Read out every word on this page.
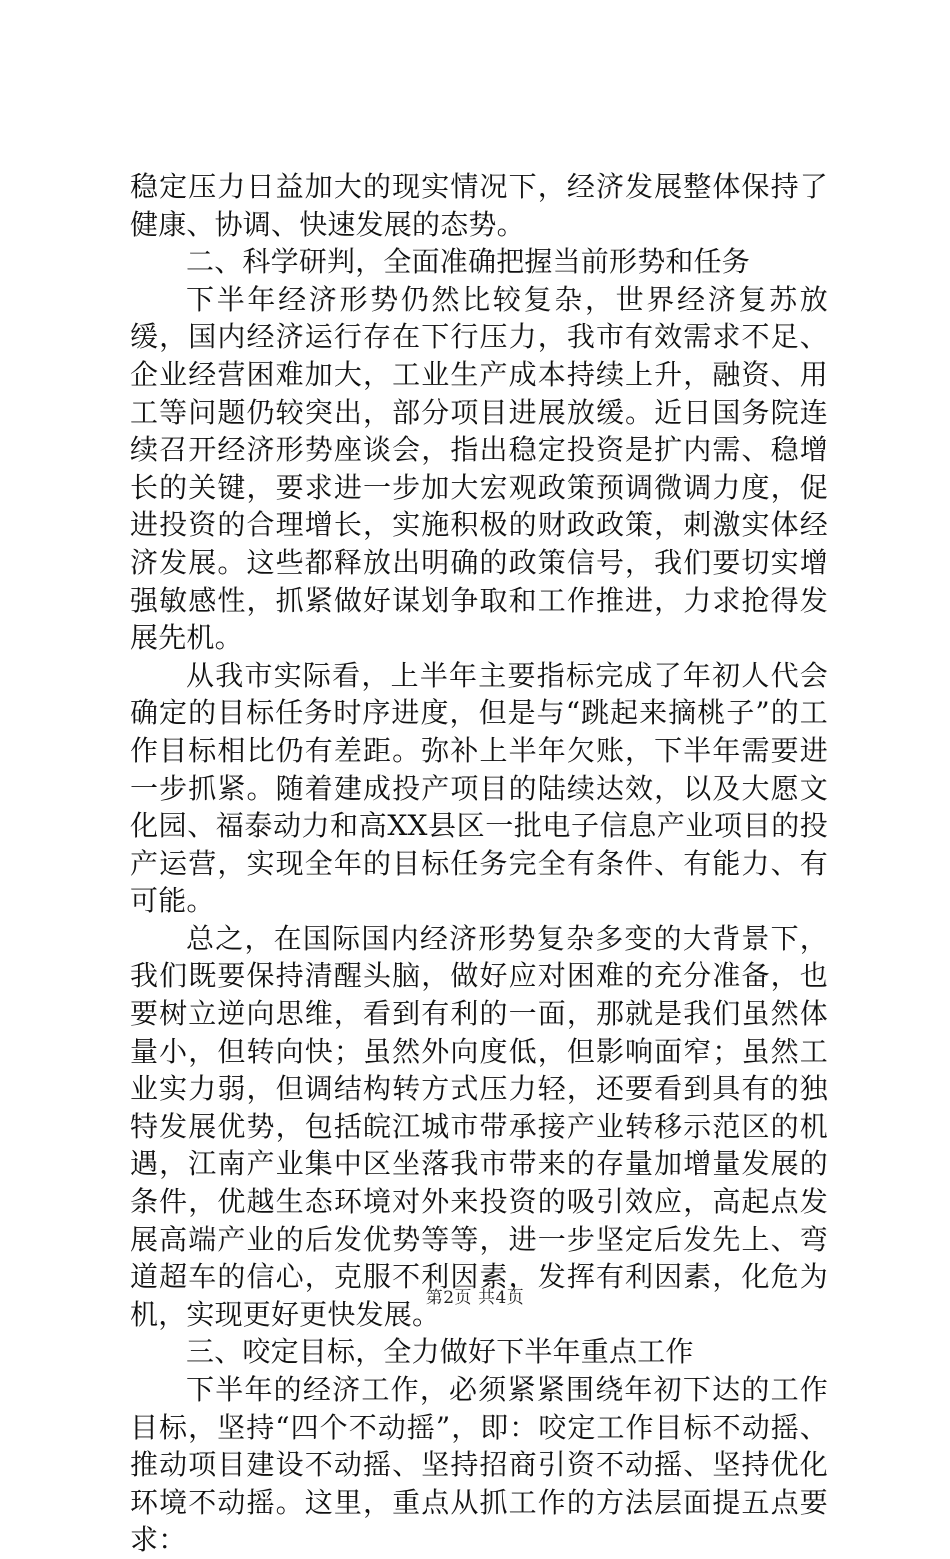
稳定压力日益加大的现实情况下，经济发展整体保持了健康、协调、快速发展的态势。

二、科学研判，全面准确把握当前形势和任务

下半年经济形势仍然比较复杂，世界经济复苏放缓，国内经济运行存在下行压力，我市有效需求不足、企业经营困难加大，工业生产成本持续上升，融资、用工等问题仍较突出，部分项目进展放缓。近日国务院连续召开经济形势座谈会，指出稳定投资是扩内需、稳增长的关键，要求进一步加大宏观政策预调微调力度，促进投资的合理增长，实施积极的财政政策，刺激实体经济发展。这些都释放出明确的政策信号，我们要切实增强敏感性，抓紧做好谋划争取和工作推进，力求抢得发展先机。

从我市实际看，上半年主要指标完成了年初人代会确定的目标任务时序进度，但是与“跳起来摘桃子”的工作目标相比仍有差距。弥补上半年欠账，下半年需要进一步抓紧。随着建成投产项目的陆续达效，以及大愿文化园、福泰动力和高XX县区一批电子信息产业项目的投产运营，实现全年的目标任务完全有条件、有能力、有可能。

总之，在国际国内经济形势复杂多变的大背景下，我们既要保持清醒头脑，做好应对困难的充分准备，也要树立逆向思维，看到有利的一面，那就是我们虽然体量小，但转向快；虽然外向度低，但影响面窄；虽然工业实力弱，但调结构转方式压力轻，还要看到具有的独特发展优势，包括皖江城市带承接产业转移示范区的机遇，江南产业集中区坐落我市带来的存量加增量发展的条件，优越生态环境对外来投资的吸引效应，高起点发展高端产业的后发优势等等，进一步坚定后发先上、弯道超车的信心，克服不利因素，发挥有利因素，化危为机，实现更好更快发展。

三、咬定目标，全力做好下半年重点工作

下半年的经济工作，必须紧紧围绕年初下达的工作目标，坚持“四个不动摇”，即：咬定工作目标不动摇、推动项目建设不动摇、坚持招商引资不动摇、坚持优化环境不动摇。这里，重点从抓工作的方法层面提五点要求：

第2页 共4页
